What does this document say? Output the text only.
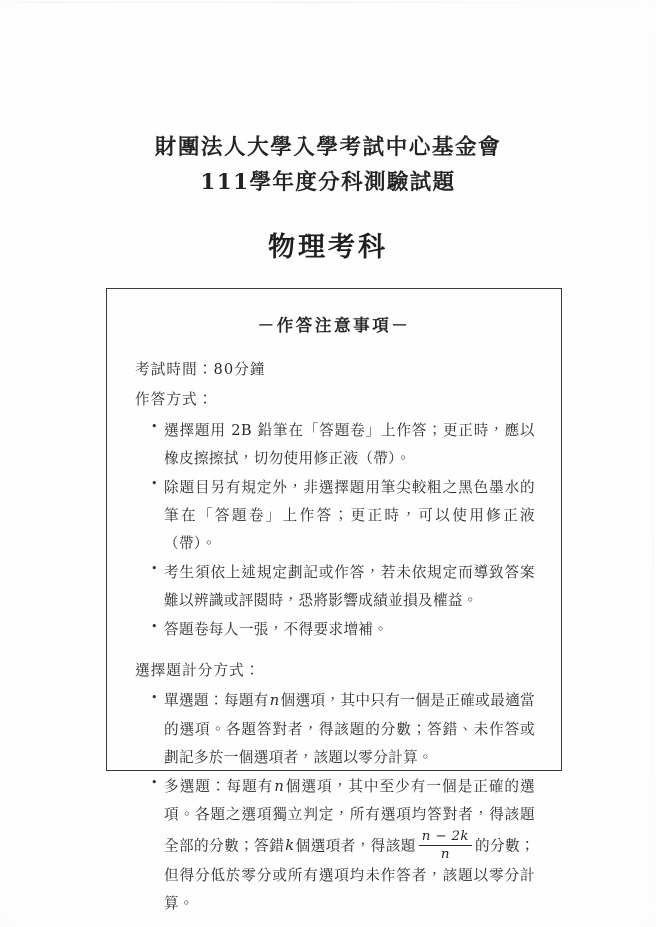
財團法人大學入學考試中心基金會
111學年度分科測驗試題
物理考科
－作答注意事項－
考試時間：80分鐘
作答方式：
• 選擇題用 2B 鉛筆在「答題卷」上作答；更正時，應以橡皮擦擦拭，切勿使用修正液（帶）。
• 除題目另有規定外，非選擇題用筆尖較粗之黑色墨水的筆在「答題卷」上作答；更正時，可以使用修正液（帶）。
• 考生須依上述規定劃記或作答，若未依規定而導致答案難以辨識或評閱時，恐將影響成績並損及權益。
• 答題卷每人一張，不得要求增補。
選擇題計分方式：
• 單選題：每題有n個選項，其中只有一個是正確或最適當的選項。各題答對者，得該題的分數；答錯、未作答或劃記多於一個選項者，該題以零分計算。
• 多選題：每題有n個選項，其中至少有一個是正確的選項。各題之選項獨立判定，所有選項均答對者，得該題全部的分數；答錯k個選項者，得該題 $\frac{n - 2k}{n}$ 的分數；但得分低於零分或所有選項均未作答者，該題以零分計算。
